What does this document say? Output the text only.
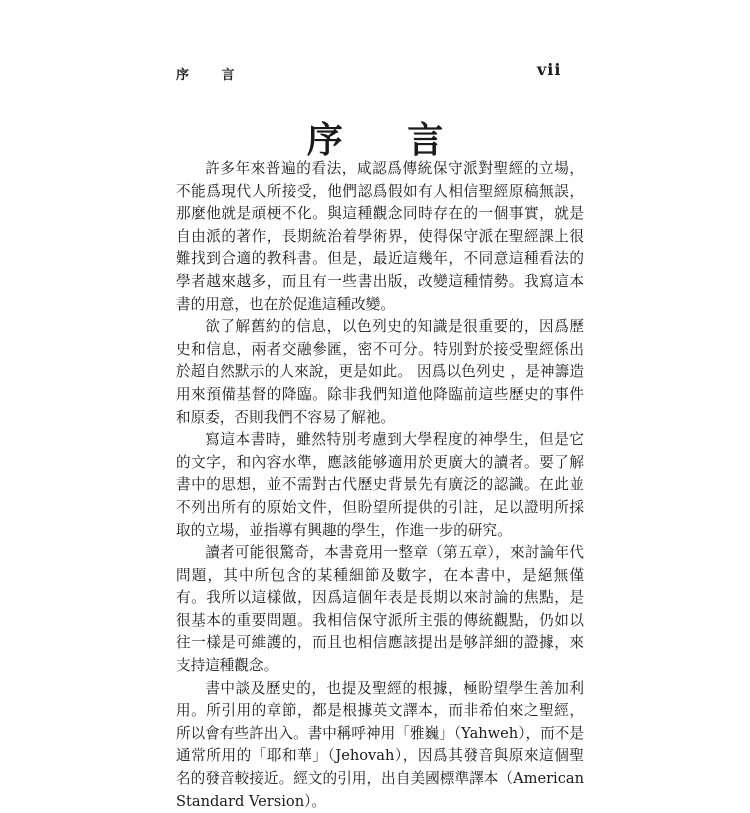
序 言	vii
序 言

許多年來普遍的看法，咸認爲傳統保守派對聖經的立場，不能爲現代人所接受，他們認爲假如有人相信聖經原稿無誤，那麼他就是頑梗不化。與這種觀念同時存在的一個事實，就是自由派的著作，長期統治着學術界，使得保守派在聖經課上很難找到合適的教科書。但是，最近這幾年，不同意這種看法的學者越來越多，而且有一些書出版，改變這種情勢。我寫這本書的用意，也在於促進這種改變。

欲了解舊約的信息，以色列史的知識是很重要的，因爲歷史和信息，兩者交融參匯，密不可分。特別對於接受聖經係出於超自然默示的人來說，更是如此。 因爲以色列史 ，是神籌造用來預備基督的降臨。除非我們知道他降臨前這些歷史的事件和原委，否則我們不容易了解祂。

寫這本書時，雖然特別考慮到大學程度的神學生，但是它的文字，和內容水準，應該能够適用於更廣大的讀者。要了解書中的思想，並不需對古代歷史背景先有廣泛的認識。在此並不列出所有的原始文件，但盼望所提供的引註，足以證明所採取的立場，並指導有興趣的學生，作進一步的研究。

讀者可能很驚奇，本書竟用一整章（第五章），來討論年代問題，其中所包含的某種細節及數字，在本書中，是絕無僅有。我所以這樣做，因爲這個年表是長期以來討論的焦點，是很基本的重要問題。我相信保守派所主張的傳統觀點，仍如以往一樣是可維護的，而且也相信應該提出是够詳細的證據，來支持這種觀念。

書中談及歷史的，也提及聖經的根據，極盼望學生善加利用。所引用的章節，都是根據英文譯本，而非希伯來之聖經，所以會有些許出入。書中稱呼神用「雅巍」（Yahweh），而不是通常所用的「耶和華」（Jehovah），因爲其發音與原來這個聖名的發音較接近。經文的引用，出自美國標準譯本（American Standard Version）。
